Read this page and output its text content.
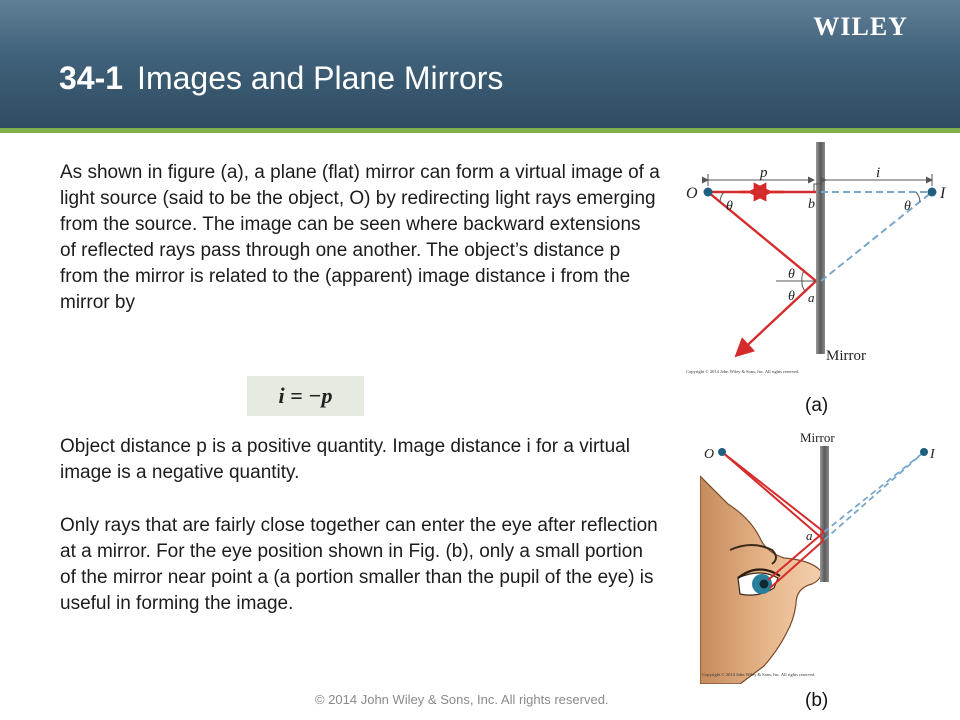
WILEY
34-1 Images and Plane Mirrors

As shown in figure (a), a plane (flat) mirror can form a virtual image of a light source (said to be the object, O) by redirecting light rays emerging from the source. The image can be seen where backward extensions of reflected rays pass through one another. The object’s distance p from the mirror is related to the (apparent) image distance i from the mirror by

i = −p

Object distance p is a positive quantity. Image distance i for a virtual image is a negative quantity.

Only rays that are fairly close together can enter the eye after reflection at a mirror. For the eye position shown in Fig. (b), only a small portion of the mirror near point a (a portion smaller than the pupil of the eye) is useful in forming the image.

p	i
O	I
θ	θ
b
θ
θ a
Mirror
Copyright © 2014 John Wiley & Sons, Inc. All rights reserved.
(a)
Mirror
O	I
a
Copyright © 2014 John Wiley & Sons, Inc. All rights reserved.
(b)
© 2014 John Wiley & Sons, Inc. All rights reserved.
